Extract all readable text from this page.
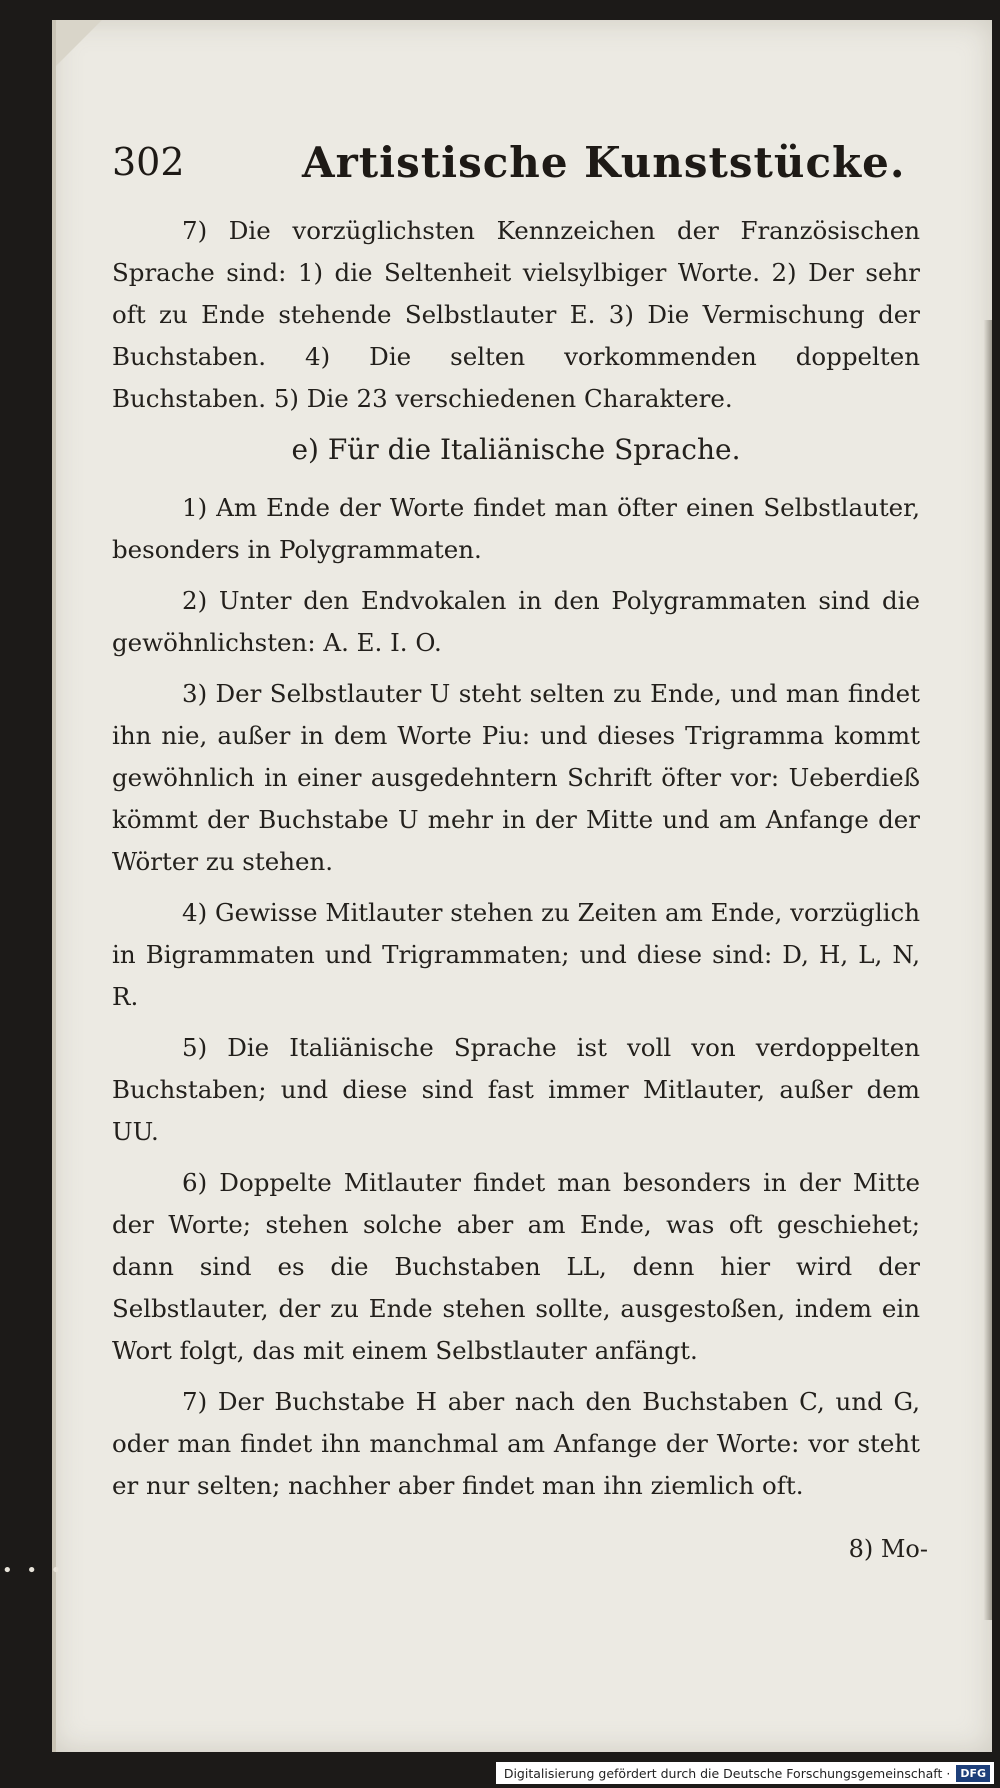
302	Artistische Kunststücke.

7) Die vorzüglichsten Kennzeichen der Französischen Sprache sind: 1) die Seltenheit vielsylbiger Worte. 2) Der sehr oft zu Ende stehende Selbstlauter E. 3) Die Vermischung der Buchstaben. 4) Die selten vorkommenden doppelten Buchstaben. 5) Die 23 verschiedenen Charaktere.

e) Für die Italiänische Sprache.

1) Am Ende der Worte findet man öfter einen Selbstlauter, besonders in Polygrammaten.

2) Unter den Endvokalen in den Polygrammaten sind die gewöhnlichsten: A. E. I. O.

3) Der Selbstlauter U steht selten zu Ende, und man findet ihn nie, außer in dem Worte Piu: und dieses Trigramma kommt gewöhnlich in einer ausgedehntern Schrift öfter vor: Ueberdieß kömmt der Buchstabe U mehr in der Mitte und am Anfange der Wörter zu stehen.

4) Gewisse Mitlauter stehen zu Zeiten am Ende, vorzüglich in Bigrammaten und Trigrammaten; und diese sind: D, H, L, N, R.

5) Die Italiänische Sprache ist voll von verdoppelten Buchstaben; und diese sind fast immer Mitlauter, außer dem UU.

6) Doppelte Mitlauter findet man besonders in der Mitte der Worte; stehen solche aber am Ende, was oft geschiehet; dann sind es die Buchstaben LL, denn hier wird der Selbstlauter, der zu Ende stehen sollte, ausgestoßen, indem ein Wort folgt, das mit einem Selbstlauter anfängt.

7) Der Buchstabe H aber nach den Buchstaben C, und G, oder man findet ihn manchmal am Anfange der Worte: vor steht er nur selten; nachher aber findet man ihn ziemlich oft.

8) Mo-
• • •
Digitalisierung gefördert durch die Deutsche Forschungsgemeinschaft · DFG
